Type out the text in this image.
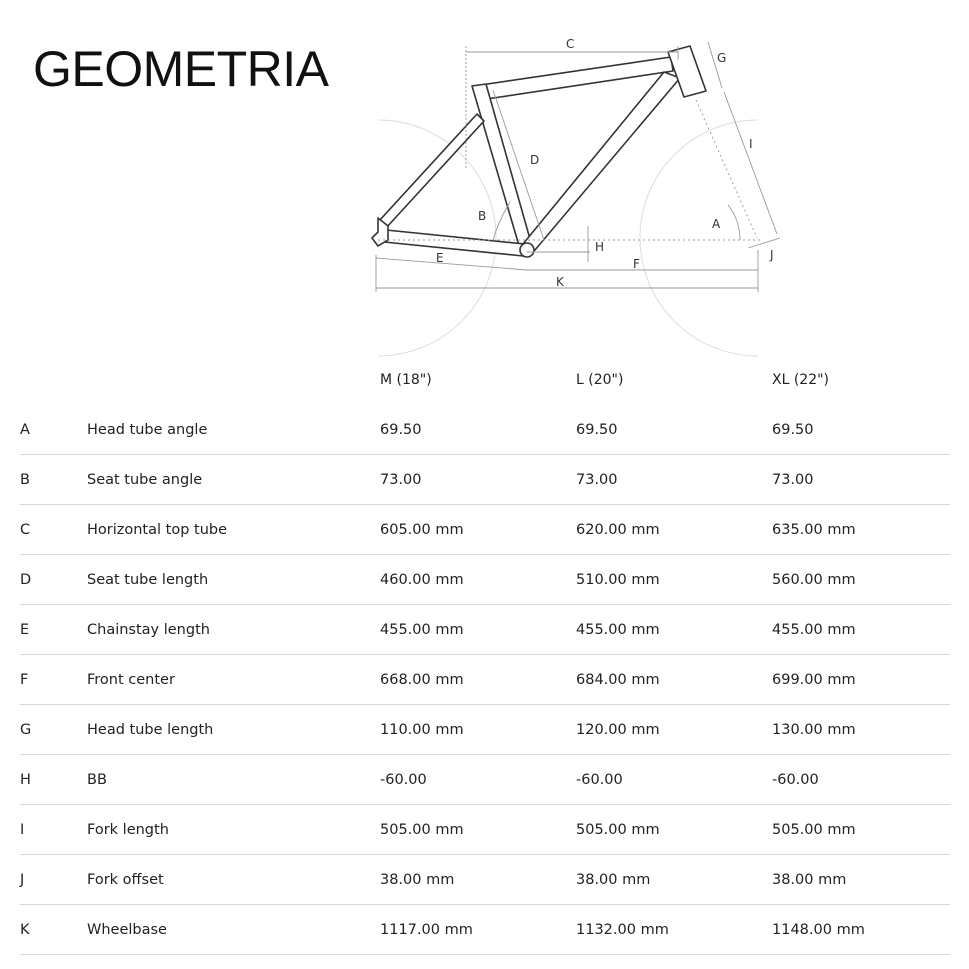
GEOMETRIA	C
G
I
D
B
A
H
J
E	F
K
M (18")	L (20")	XL (22")
A	Head tube angle	69.50	69.50	69.50
B	Seat tube angle	73.00	73.00	73.00
C	Horizontal top tube	605.00 mm	620.00 mm	635.00 mm
D	Seat tube length	460.00 mm	510.00 mm	560.00 mm
E	Chainstay length	455.00 mm	455.00 mm	455.00 mm
F	Front center	668.00 mm	684.00 mm	699.00 mm
G	Head tube length	110.00 mm	120.00 mm	130.00 mm
H	BB	-60.00	-60.00	-60.00
I	Fork length	505.00 mm	505.00 mm	505.00 mm
J	Fork offset	38.00 mm	38.00 mm	38.00 mm
K	Wheelbase	1117.00 mm	1132.00 mm	1148.00 mm
